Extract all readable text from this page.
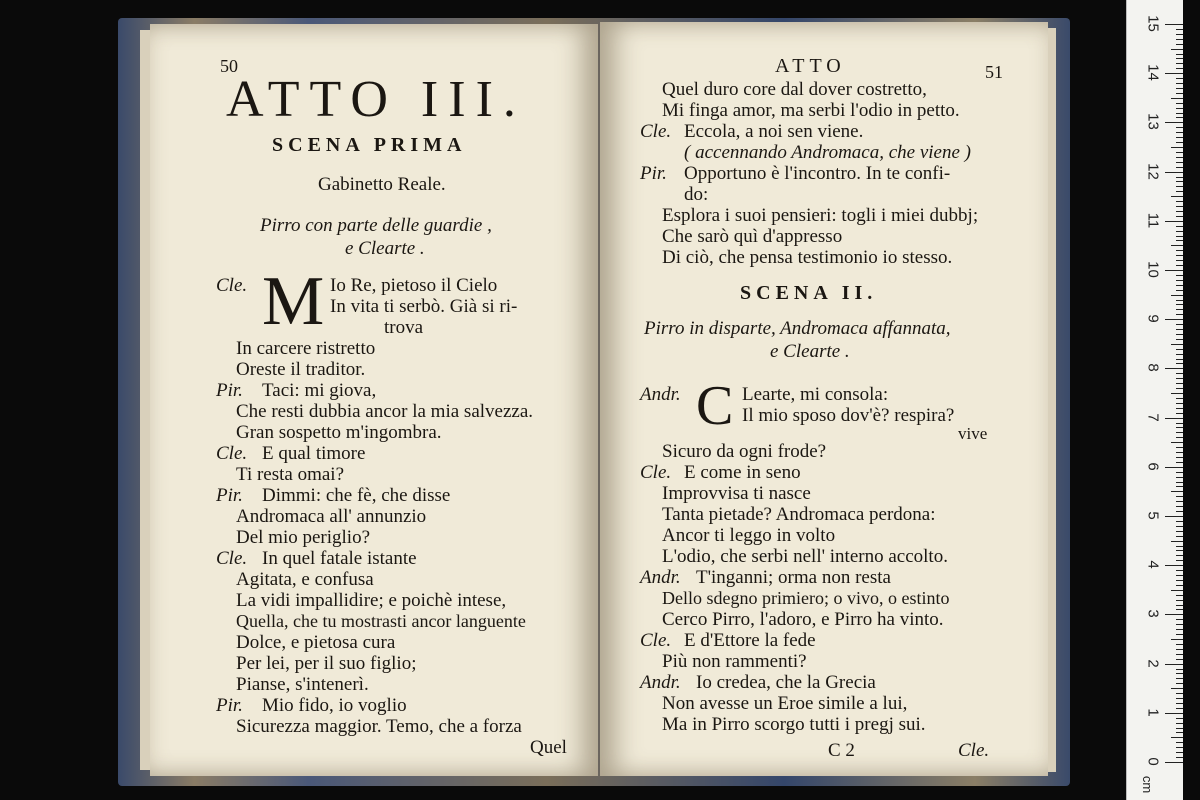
50
ATTO III.
SCENA PRIMA
Gabinetto Reale.
Pirro con parte delle guardie ,
e Clearte .
Cle. M Io Re, pietoso il Cielo
In vita ti serbò. Già si ri-
trova
In carcere ristretto
Oreste il traditor.
Pir. Taci: mi giova,
Che resti dubbia ancor la mia salvezza.
Gran sospetto m'ingombra.
Cle. E qual timore
Ti resta omai?
Pir. Dimmi: che fè, che disse
Andromaca all' annunzio
Del mio periglio?
Cle. In quel fatale istante
Agitata, e confusa
La vidi impallidire; e poichè intese,
Quella, che tu mostrasti ancor languente
Dolce, e pietosa cura
Per lei, per il suo figlio;
Pianse, s'intenerì.
Pir. Mio fido, io voglio
Sicurezza maggior. Temo, che a forza
Quel
ATTO	51
Quel duro core dal dover costretto,
Mi finga amor, ma serbi l'odio in petto.
Cle. Eccola, a noi sen viene.
( accennando Andromaca, che viene )
Pir. Opportuno è l'incontro. In te confi-
do:
Esplora i suoi pensieri: togli i miei dubbj;
Che sarò quì d'appresso
Di ciò, che pensa testimonio io stesso.
SCENA II.
Pirro in disparte, Andromaca affannata,
e Clearte .
Andr. C Learte, mi consola:
Il mio sposo dov'è? respira?
vive
Sicuro da ogni frode?
Cle. E come in seno
Improvvisa ti nasce
Tanta pietade? Andromaca perdona:
Ancor ti leggo in volto
L'odio, che serbi nell' interno accolto.
Andr. T'inganni; orma non resta
Dello sdegno primiero; o vivo, o estinto
Cerco Pirro, l'adoro, e Pirro ha vinto.
Cle. E d'Ettore la fede
Più non rammenti?
Andr. Io credea, che la Grecia
Non avesse un Eroe simile a lui,
Ma in Pirro scorgo tutti i pregj sui.
C 2	Cle.
cm
0
1
2
3
4
5
6
7
8
9
10
11
12
13
14
15
